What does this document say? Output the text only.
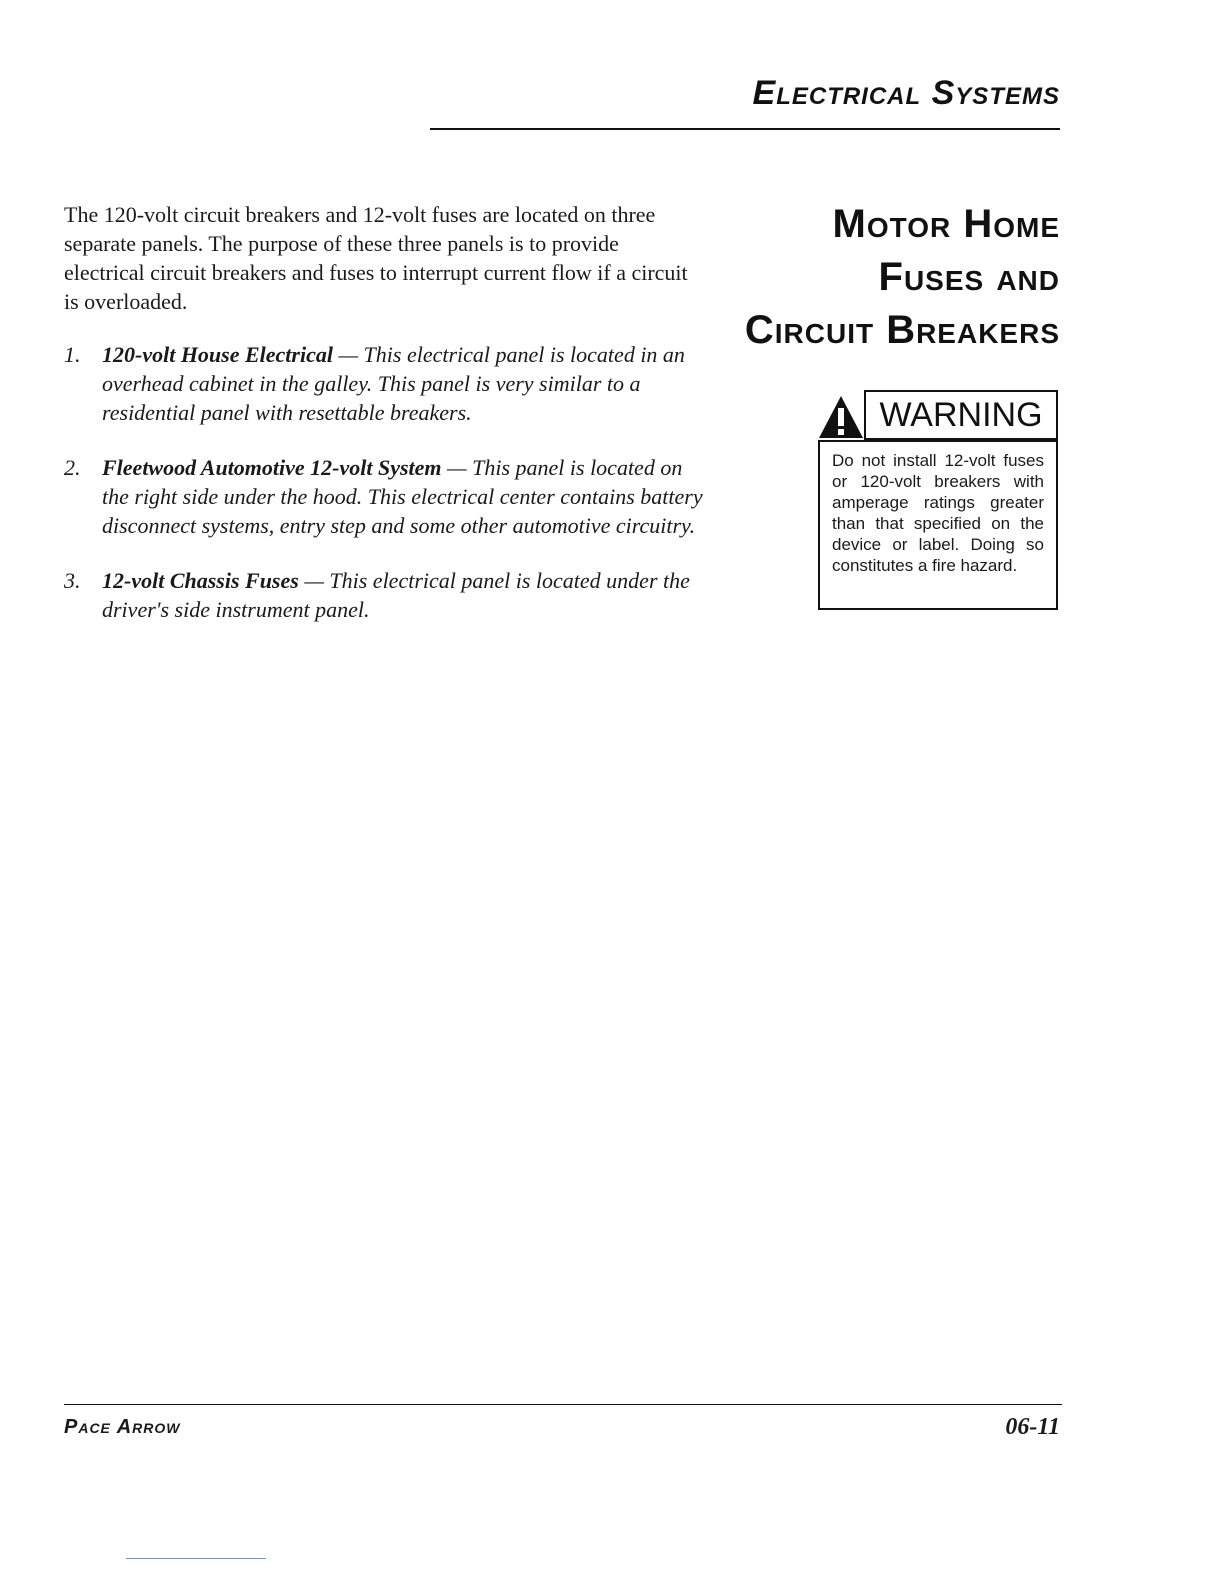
Electrical Systems

The 120-volt circuit breakers and 12-volt fuses are located on three separate panels. The purpose of these three panels is to provide electrical circuit breakers and fuses to interrupt current flow if a circuit is overloaded.

1. 120-volt House Electrical — This electrical panel is located in an overhead cabinet in the galley. This panel is very similar to a residential panel with resettable breakers.
2. Fleetwood Automotive 12-volt System — This panel is located on the right side under the hood. This electrical center contains battery disconnect systems, entry step and some other automotive circuitry.
3. 12-volt Chassis Fuses — This electrical panel is located under the driver's side instrument panel.
Motor Home
Fuses and
Circuit Breakers
WARNING
Do not install 12-volt fuses or 120-volt breakers with amperage ratings greater than that specified on the device or label. Doing so constitutes a fire hazard.
Pace Arrow	06-11
